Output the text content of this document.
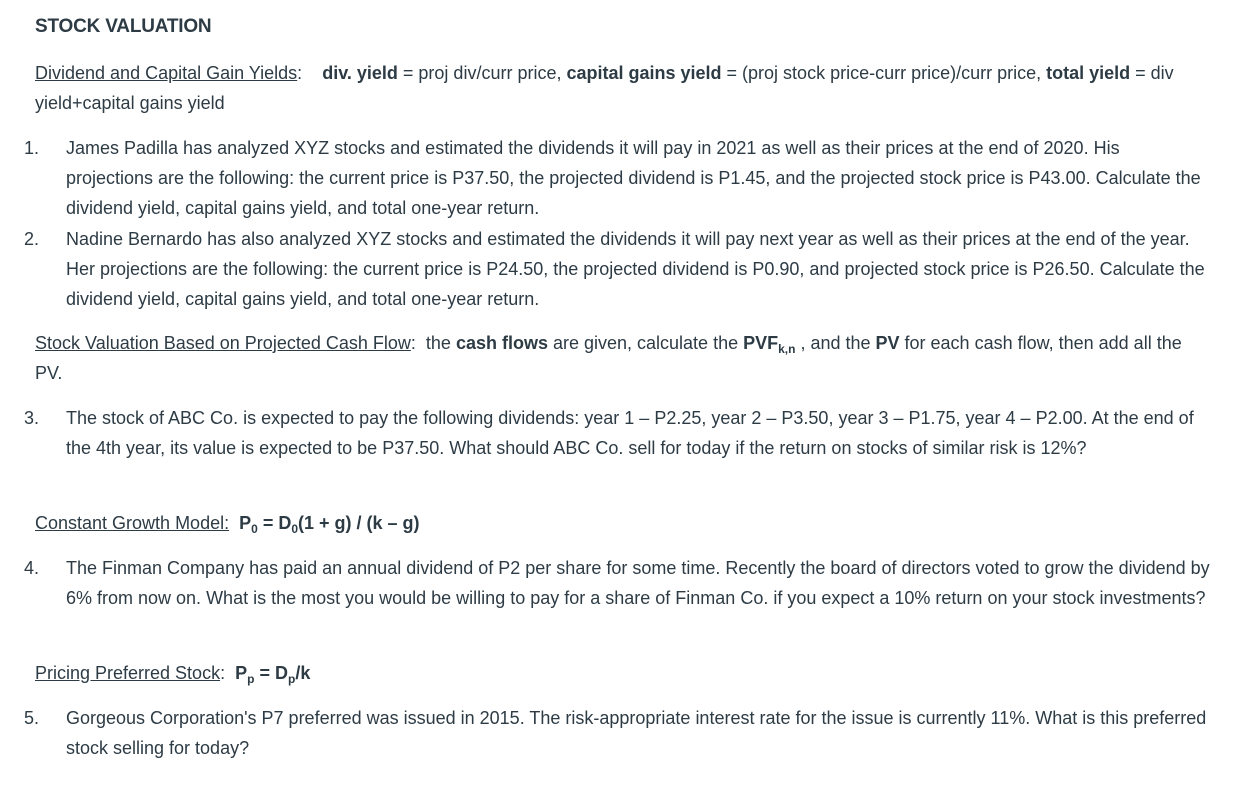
STOCK VALUATION
Dividend and Capital Gain Yields: div. yield = proj div/curr price, capital gains yield = (proj stock price-curr price)/curr price, total yield = div yield+capital gains yield
1. James Padilla has analyzed XYZ stocks and estimated the dividends it will pay in 2021 as well as their prices at the end of 2020. His projections are the following: the current price is P37.50, the projected dividend is P1.45, and the projected stock price is P43.00. Calculate the dividend yield, capital gains yield, and total one-year return.
2. Nadine Bernardo has also analyzed XYZ stocks and estimated the dividends it will pay next year as well as their prices at the end of the year. Her projections are the following: the current price is P24.50, the projected dividend is P0.90, and projected stock price is P26.50. Calculate the dividend yield, capital gains yield, and total one-year return.
Stock Valuation Based on Projected Cash Flow: the cash flows are given, calculate the $PVF_{k,n}$ , and the PV for each cash flow, then add all the PV.
3. The stock of ABC Co. is expected to pay the following dividends: year 1 – P2.25, year 2 – P3.50, year 3 – P1.75, year 4 – P2.00. At the end of the 4th year, its value is expected to be P37.50. What should ABC Co. sell for today if the return on stocks of similar risk is 12%?
Constant Growth Model: $P_0 = D_0(1 + g) / (k - g)$
4. The Finman Company has paid an annual dividend of P2 per share for some time. Recently the board of directors voted to grow the dividend by 6% from now on. What is the most you would be willing to pay for a share of Finman Co. if you expect a 10% return on your stock investments?
Pricing Preferred Stock: $P_p = D_p/k$
5. Gorgeous Corporation's P7 preferred was issued in 2015. The risk-appropriate interest rate for the issue is currently 11%. What is this preferred stock selling for today?
